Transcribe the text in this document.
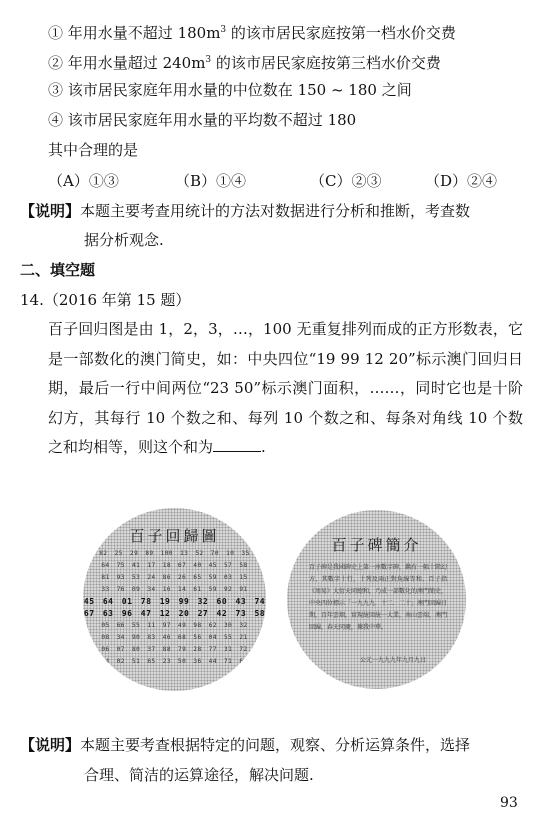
① 年用水量不超过 $180m^3$ 的该市居民家庭按第一档水价交费
② 年用水量超过 $240m^3$ 的该市居民家庭按第三档水价交费
③ 该市居民家庭年用水量的中位数在 150 ~ 180 之间
④ 该市居民家庭年用水量的平均数不超过 180
其中合理的是
（A）①③	（B）①④	（C）②③	（D）②④
【说明】本题主要考查用统计的方法对数据进行分析和推断，考查数
据分析观念.
二、填空题
14.（2016 年第 15 题）
百子回归图是由 1，2，3，…，100 无重复排列而成的正方形数表，它是一部数化的澳门简史，如：中央四位“19 99 12 20”标示澳门回归日期，最后一行中间两位“23 50”标示澳门面积，……，同时它也是十阶幻方，其每行 10 个数之和、每列 10 个数之和、每条对角线 10 个数之和均相等，则这个和为	.
百子回歸圖
82 25 29 89 100 13 52 70 10 35
64 75 41 17 18 67 40 45 57 58
81 93 53 24 86 26 65 59 03 15
33 76 09 34 16 14 61 59 92 91
45 64 01 78 19 99 32 60 43 74
67 63 96 47 12 20 27 42 73 58
05 66 55 11 97 49 98 62 30 32
08 34 90 83 46 68 56 04 55 21
06 07 80 37 88 79 28 77 31 72
94 02 51 65 23 50 36 44 71 69
百子碑簡介
百子碑是我國碑史上第一座數字碑，鐫有一幅十階幻方，其數字十行，十列及兩正對角線等和。百子指《周易》大衍天同總和，乃成一部數化的澳門簡史，中央四位標示「一九九九．十二．二十」澳門回歸日期，百年雲烟，實現統回統一大業，南山雲端，澳門回歸，春天同慶，據我中華。
公元一九九九年九月九日
【说明】本题主要考查根据特定的问题，观察、分析运算条件，选择
合理、简洁的运算途径，解决问题.
93
